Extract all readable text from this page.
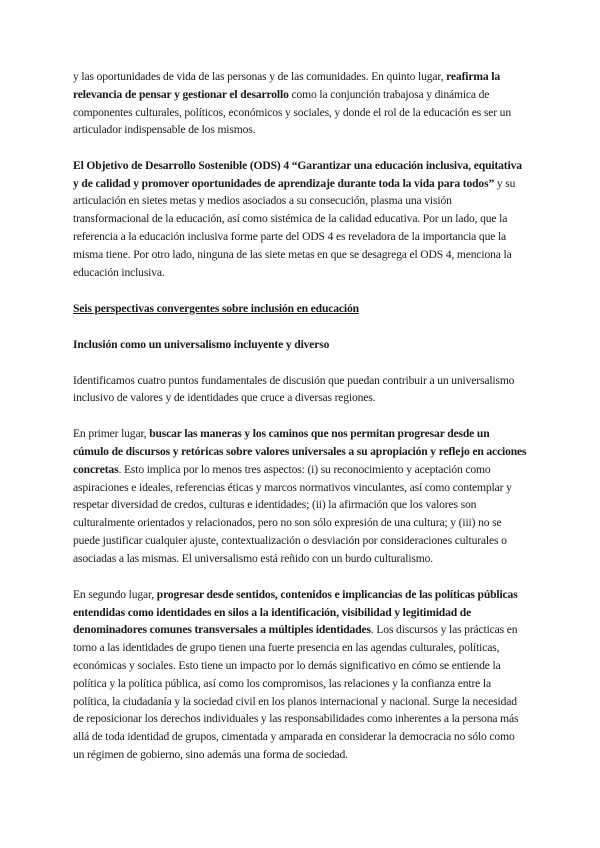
y las oportunidades de vida de las personas y de las comunidades. En quinto lugar, reafirma la relevancia de pensar y gestionar el desarrollo como la conjunción trabajosa y dinámica de componentes culturales, políticos, económicos y sociales, y donde el rol de la educación es ser un articulador indispensable de los mismos.

El Objetivo de Desarrollo Sostenible (ODS) 4 “Garantizar una educación inclusiva, equitativa y de calidad y promover oportunidades de aprendizaje durante toda la vida para todos” y su articulación en sietes metas y medios asociados a su consecución, plasma una visión transformacional de la educación, así como sistémica de la calidad educativa. Por un lado, que la referencia a la educación inclusiva forme parte del ODS 4 es reveladora de la importancia que la misma tiene. Por otro lado, ninguna de las siete metas en que se desagrega el ODS 4, menciona la educación inclusiva.

Seis perspectivas convergentes sobre inclusión en educación

Inclusión como un universalismo incluyente y diverso

Identificamos cuatro puntos fundamentales de discusión que puedan contribuir a un universalismo inclusivo de valores y de identidades que cruce a diversas regiones.

En primer lugar, buscar las maneras y los caminos que nos permitan progresar desde un cúmulo de discursos y retóricas sobre valores universales a su apropiación y reflejo en acciones concretas. Esto implica por lo menos tres aspectos: (i) su reconocimiento y aceptación como aspiraciones e ideales, referencias éticas y marcos normativos vinculantes, así como contemplar y respetar diversidad de credos, culturas e identidades; (ii) la afirmación que los valores son culturalmente orientados y relacionados, pero no son sólo expresión de una cultura; y (iii) no se puede justificar cualquier ajuste, contextualización o desviación por consideraciones culturales o asociadas a las mismas. El universalismo está reñido con un burdo culturalismo.

En segundo lugar, progresar desde sentidos, contenidos e implicancias de las políticas públicas entendidas como identidades en silos a la identificación, visibilidad y legitimidad de denominadores comunes transversales a múltiples identidades. Los discursos y las prácticas en torno a las identidades de grupo tienen una fuerte presencia en las agendas culturales, políticas, económicas y sociales. Esto tiene un impacto por lo demás significativo en cómo se entiende la política y la política pública, así como los compromisos, las relaciones y la confianza entre la política, la ciudadanía y la sociedad civil en los planos internacional y nacional. Surge la necesidad de reposicionar los derechos individuales y las responsabilidades como inherentes a la persona más allá de toda identidad de grupos, cimentada y amparada en considerar la democracia no sólo como un régimen de gobierno, sino además una forma de sociedad.
